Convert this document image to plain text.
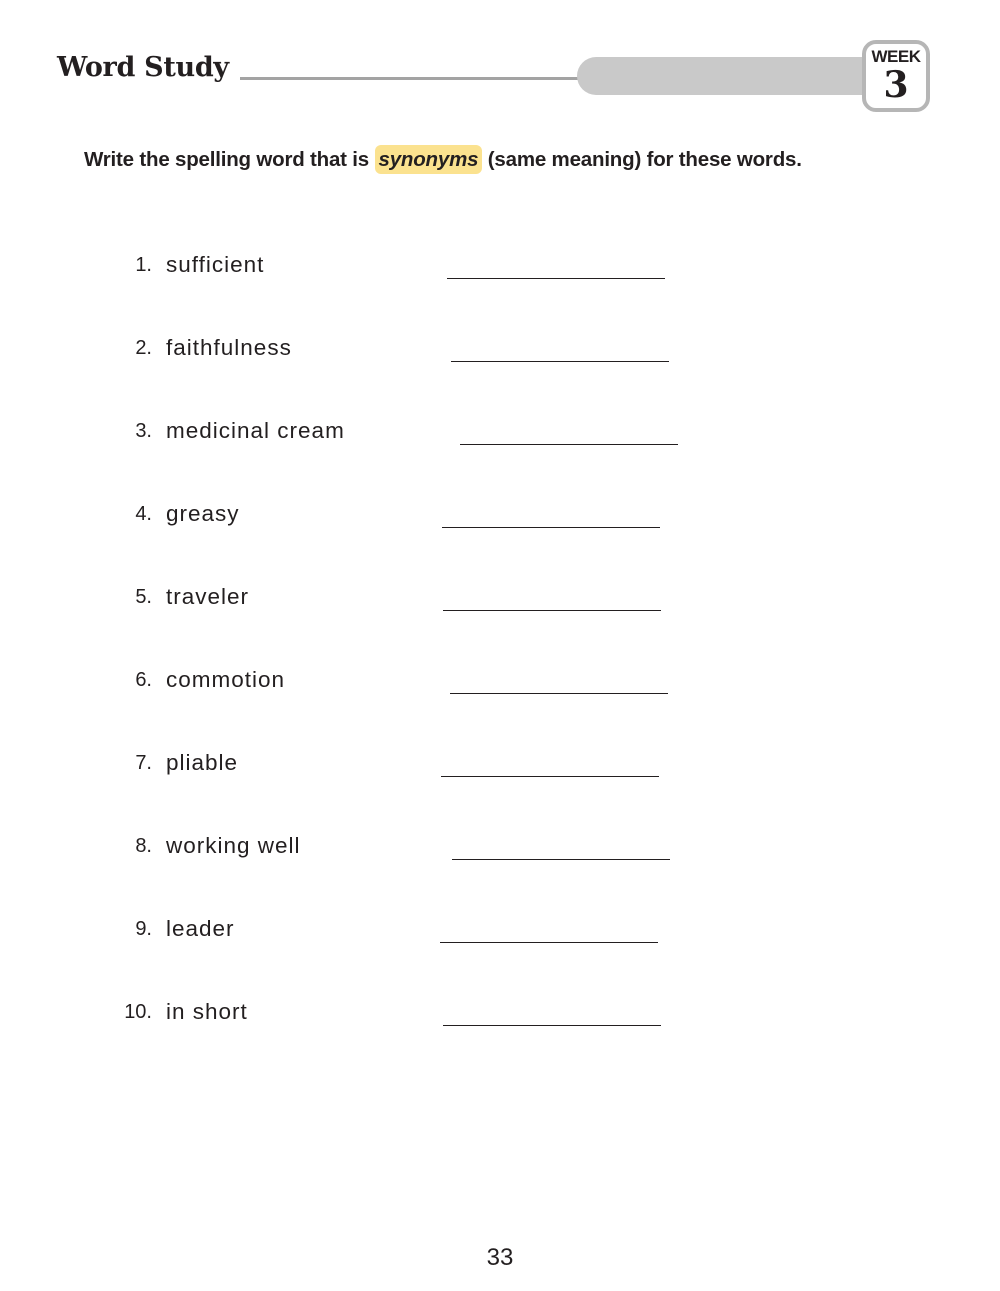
Word Study	WEEK
3
Write the spelling word that is synonyms (same meaning) for these words.
1. sufficient
2. faithfulness
3. medicinal cream
4. greasy
5. traveler
6. commotion
7. pliable
8. working well
9. leader
10. in short
33
